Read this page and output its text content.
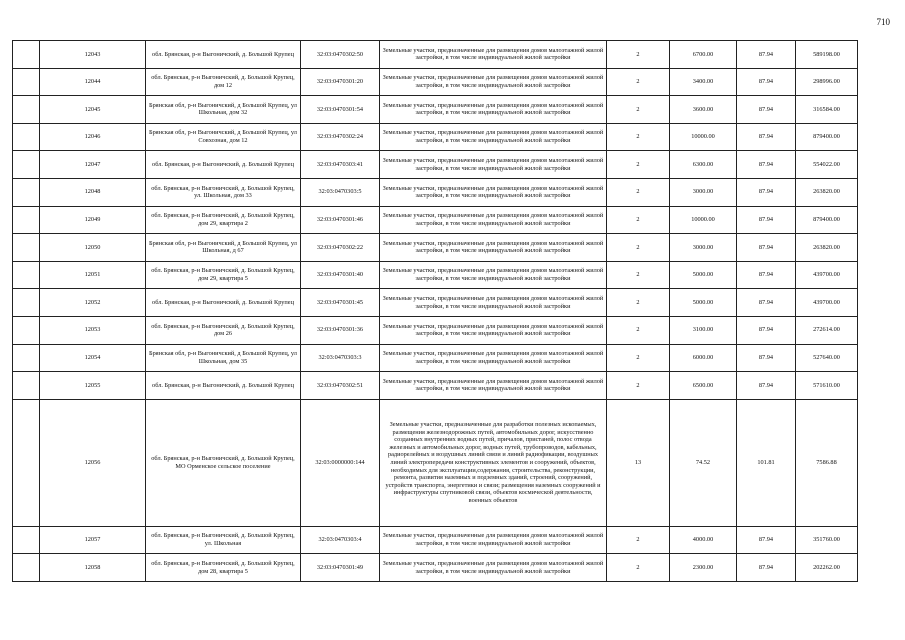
710
	12043	обл. Брянская, р-н Выгоничский, д. Большой Крупец	32:03:0470302:50	Земельные участки, предназначенные для размещения домов малоэтажной жилой застройки, в том числе индивидуальной жилой застройки	2	6700.00	87.94	589198.00
	12044	обл. Брянская, р-н Выгоничский, д. Большой Крупец, дом 12	32:03:0470301:20	Земельные участки, предназначенные для размещения домов малоэтажной жилой застройки, в том числе индивидуальной жилой застройки	2	3400.00	87.94	298996.00
	12045	Брянская обл, р-н Выгоничский, д Большой Крупец, ул Школьная, дом 32	32:03:0470301:54	Земельные участки, предназначенные для размещения домов малоэтажной жилой застройки, в том числе индивидуальной жилой застройки	2	3600.00	87.94	316584.00
	12046	Брянская обл, р-н Выгоничский, д Большой Крупец, ул Совхозная, дом 12	32:03:0470302:24	Земельные участки, предназначенные для размещения домов малоэтажной жилой застройки, в том числе индивидуальной жилой застройки	2	10000.00	87.94	879400.00
	12047	обл. Брянская, р-н Выгоничский, д. Большой Крупец	32:03:0470303:41	Земельные участки, предназначенные для размещения домов малоэтажной жилой застройки, в том числе индивидуальной жилой застройки	2	6300.00	87.94	554022.00
	12048	обл. Брянская, р-н Выгоничский, д. Большой Крупец, ул. Школьная, дом 33	32:03:0470303:5	Земельные участки, предназначенные для размещения домов малоэтажной жилой застройки, в том числе индивидуальной жилой застройки	2	3000.00	87.94	263820.00
	12049	обл. Брянская, р-н Выгоничский, д. Большой Крупец, дом 29, квартира 2	32:03:0470301:46	Земельные участки, предназначенные для размещения домов малоэтажной жилой застройки, в том числе индивидуальной жилой застройки	2	10000.00	87.94	879400.00
	12050	Брянская обл, р-н Выгоничский, д Большой Крупец, ул Школьная, д 67	32:03:0470302:22	Земельные участки, предназначенные для размещения домов малоэтажной жилой застройки, в том числе индивидуальной жилой застройки	2	3000.00	87.94	263820.00
	12051	обл. Брянская, р-н Выгоничский, д. Большой Крупец, дом 29, квартира 5	32:03:0470301:40	Земельные участки, предназначенные для размещения домов малоэтажной жилой застройки, в том числе индивидуальной жилой застройки	2	5000.00	87.94	439700.00
	12052	обл. Брянская, р-н Выгоничский, д. Большой Крупец	32:03:0470301:45	Земельные участки, предназначенные для размещения домов малоэтажной жилой застройки, в том числе индивидуальной жилой застройки	2	5000.00	87.94	439700.00
	12053	обл. Брянская, р-н Выгоничский, д. Большой Крупец, дом 26	32:03:0470301:36	Земельные участки, предназначенные для размещения домов малоэтажной жилой застройки, в том числе индивидуальной жилой застройки	2	3100.00	87.94	272614.00
	12054	Брянская обл, р-н Выгоничский, д Большой Крупец, ул Школьная, дом 35	32:03:0470303:3	Земельные участки, предназначенные для размещения домов малоэтажной жилой застройки, в том числе индивидуальной жилой застройки	2	6000.00	87.94	527640.00
	12055	обл. Брянская, р-н Выгоничский, д. Большой Крупец	32:03:0470302:51	Земельные участки, предназначенные для размещения домов малоэтажной жилой застройки, в том числе индивидуальной жилой застройки	2	6500.00	87.94	571610.00
	12056	обл. Брянская, р-н Выгоничский, д. Большой Крупец, МО Орменское сельское поселение	32:03:0000000:144	Земельные участки, предназначенные для разработки полезных ископаемых, размещения железнодорожных путей, автомобильных дорог, искусственно созданных внутренних водных путей, причалов, пристаней, полос отвода железных и автомобильных дорог, водных путей, трубопроводов, кабельных, радиорелейных и воздушных линий связи и линий радиофикации, воздушных линий электропередачи конструктивных элементов и сооружений, объектов, необходимых для эксплуатации,содержания, строительства, реконструкции, ремонта, развития наземных и подземных зданий, строений, сооружений, устройств транспорта, энергетики и связи; размещения наземных сооружений и инфраструктуры спутниковой связи, объектов космической деятельности, военных объектов	13	74.52	101.81	7586.88
	12057	обл. Брянская, р-н Выгоничский, д. Большой Крупец, ул. Школьная	32:03:0470303:4	Земельные участки, предназначенные для размещения домов малоэтажной жилой застройки, в том числе индивидуальной жилой застройки	2	4000.00	87.94	351760.00
	12058	обл. Брянская, р-н Выгоничский, д. Большой Крупец, дом 28, квартира 5	32:03:0470301:49	Земельные участки, предназначенные для размещения домов малоэтажной жилой застройки, в том числе индивидуальной жилой застройки	2	2300.00	87.94	202262.00
